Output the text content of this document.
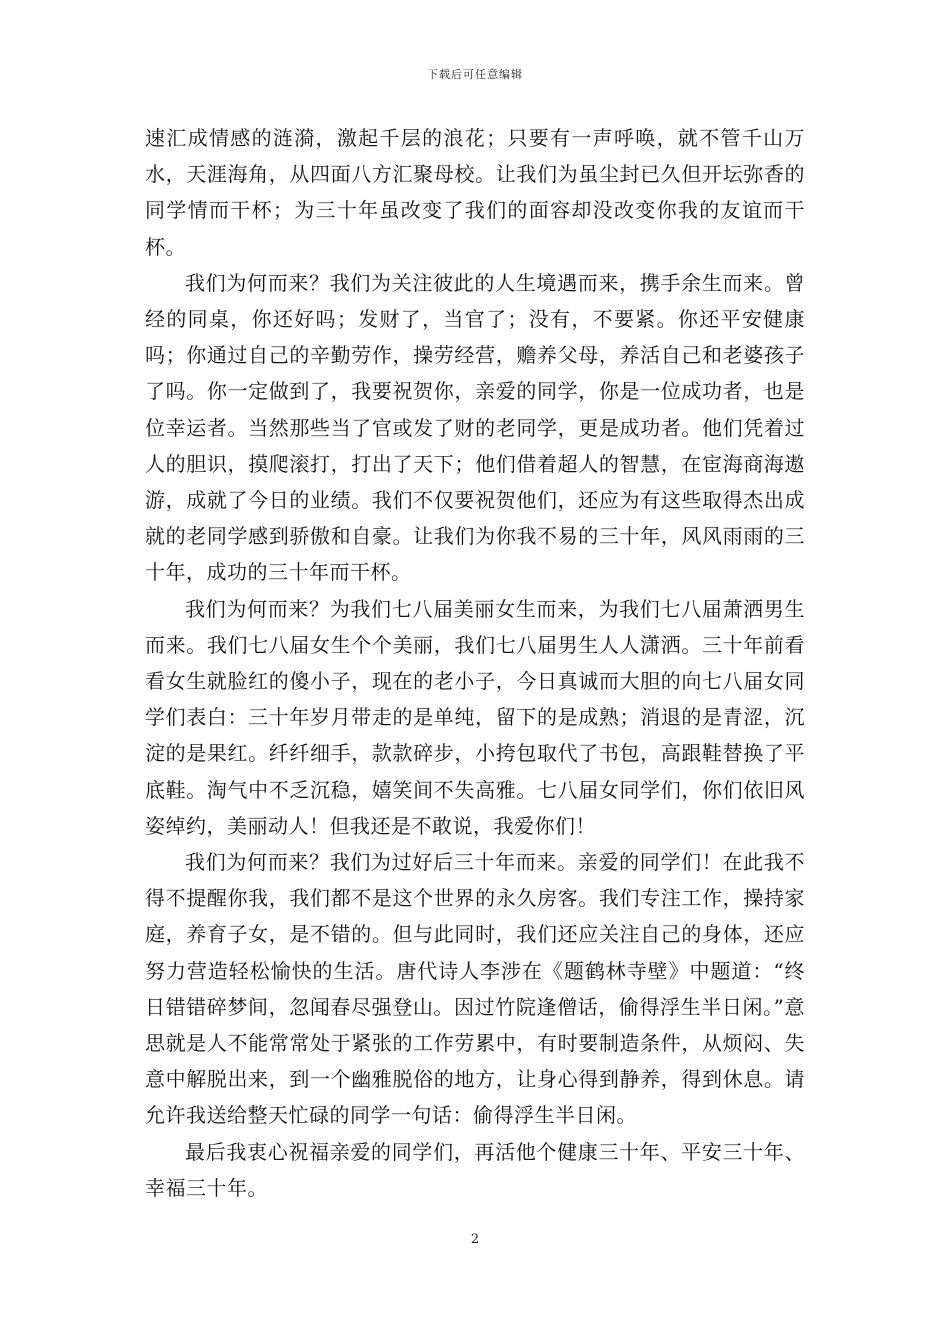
下载后可任意编辑

速汇成情感的涟漪，激起千层的浪花；只要有一声呼唤，就不管千山万水，天涯海角，从四面八方汇聚母校。让我们为虽尘封已久但开坛弥香的同学情而干杯；为三十年虽改变了我们的面容却没改变你我的友谊而干杯。

我们为何而来？我们为关注彼此的人生境遇而来，携手余生而来。曾经的同桌，你还好吗；发财了，当官了；没有，不要紧。你还平安健康吗；你通过自己的辛勤劳作，操劳经营，赡养父母，养活自己和老婆孩子了吗。你一定做到了，我要祝贺你，亲爱的同学，你是一位成功者，也是位幸运者。当然那些当了官或发了财的老同学，更是成功者。他们凭着过人的胆识，摸爬滚打，打出了天下；他们借着超人的智慧，在宦海商海遨游，成就了今日的业绩。我们不仅要祝贺他们，还应为有这些取得杰出成就的老同学感到骄傲和自豪。让我们为你我不易的三十年，风风雨雨的三十年，成功的三十年而干杯。

我们为何而来？为我们七八届美丽女生而来，为我们七八届萧洒男生而来。我们七八届女生个个美丽，我们七八届男生人人潇洒。三十年前看看女生就脸红的傻小子，现在的老小子，今日真诚而大胆的向七八届女同学们表白：三十年岁月带走的是单纯，留下的是成熟；消退的是青涩，沉淀的是果红。纤纤细手，款款碎步，小挎包取代了书包，高跟鞋替换了平底鞋。淘气中不乏沉稳，嬉笑间不失高雅。七八届女同学们，你们依旧风姿绰约，美丽动人！但我还是不敢说，我爱你们！

我们为何而来？我们为过好后三十年而来。亲爱的同学们！在此我不得不提醒你我，我们都不是这个世界的永久房客。我们专注工作，操持家庭，养育子女，是不错的。但与此同时，我们还应关注自己的身体，还应努力营造轻松愉快的生活。唐代诗人李涉在《题鹤林寺壁》中题道：“终日错错碎梦间，忽闻春尽强登山。因过竹院逢僧话，偷得浮生半日闲。”意思就是人不能常常处于紧张的工作劳累中，有时要制造条件，从烦闷、失意中解脱出来，到一个幽雅脱俗的地方，让身心得到静养，得到休息。请允许我送给整天忙碌的同学一句话：偷得浮生半日闲。

最后我衷心祝福亲爱的同学们，再活他个健康三十年、平安三十年、幸福三十年。

2
